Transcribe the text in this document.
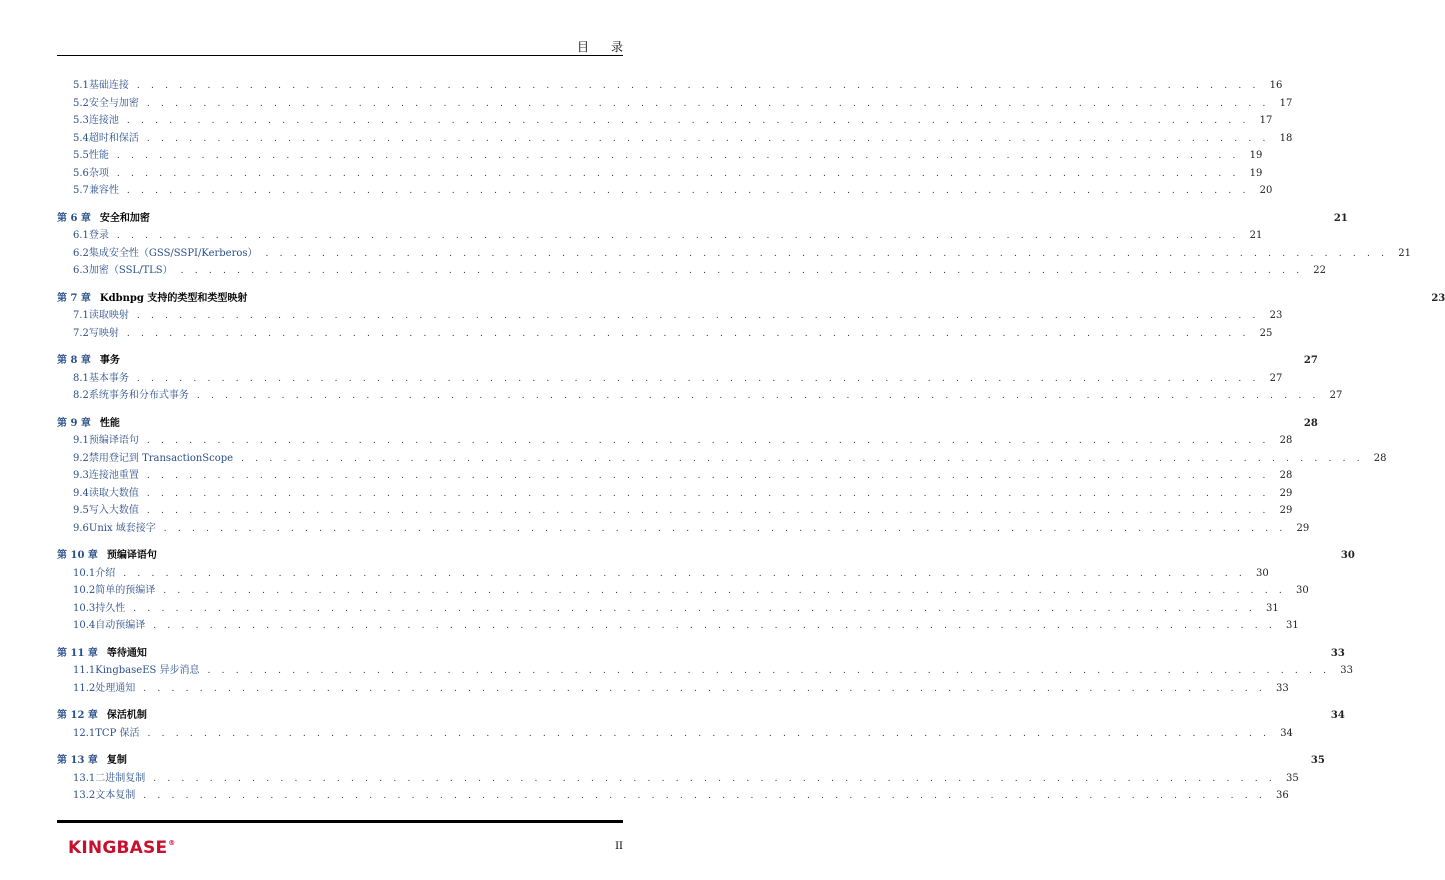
目录
5.1 基础连接 . . . . . . . . . . . . . . . . . . . . . . . . . . . . . . . . . . . . . . . . . . . . . . . . . . . . . . . . . . . . . . . . . . . . . . . . . . . . . . . . 16
5.2 安全与加密 . . . . . . . . . . . . . . . . . . . . . . . . . . . . . . . . . . . . . . . . . . . . . . . . . . . . . . . . . . . . . . . . . . . . . . . . . . . . . . . . 17
5.3 连接池 . . . . . . . . . . . . . . . . . . . . . . . . . . . . . . . . . . . . . . . . . . . . . . . . . . . . . . . . . . . . . . . . . . . . . . . . . . . . . . . . 17
5.4 超时和保活 . . . . . . . . . . . . . . . . . . . . . . . . . . . . . . . . . . . . . . . . . . . . . . . . . . . . . . . . . . . . . . . . . . . . . . . . . . . . . . . . 18
5.5 性能 . . . . . . . . . . . . . . . . . . . . . . . . . . . . . . . . . . . . . . . . . . . . . . . . . . . . . . . . . . . . . . . . . . . . . . . . . . . . . . . . 19
5.6 杂项 . . . . . . . . . . . . . . . . . . . . . . . . . . . . . . . . . . . . . . . . . . . . . . . . . . . . . . . . . . . . . . . . . . . . . . . . . . . . . . . . 19
5.7 兼容性 . . . . . . . . . . . . . . . . . . . . . . . . . . . . . . . . . . . . . . . . . . . . . . . . . . . . . . . . . . . . . . . . . . . . . . . . . . . . . . . . 20
第 6 章 安全和加密	21
6.1 登录 . . . . . . . . . . . . . . . . . . . . . . . . . . . . . . . . . . . . . . . . . . . . . . . . . . . . . . . . . . . . . . . . . . . . . . . . . . . . . . . . 21
6.2 集成安全性（GSS/SSPI/Kerberos） . . . . . . . . . . . . . . . . . . . . . . . . . . . . . . . . . . . . . . . . . . . . . . . . . . . . . . . . . . . . . . . . . . . . . . . . . . . . . . . . 21
6.3 加密（SSL/TLS） . . . . . . . . . . . . . . . . . . . . . . . . . . . . . . . . . . . . . . . . . . . . . . . . . . . . . . . . . . . . . . . . . . . . . . . . . . . . . . . . 22
第 7 章 Kdbnpg 支持的类型和类型映射	23
7.1 读取映射 . . . . . . . . . . . . . . . . . . . . . . . . . . . . . . . . . . . . . . . . . . . . . . . . . . . . . . . . . . . . . . . . . . . . . . . . . . . . . . . . 23
7.2 写映射 . . . . . . . . . . . . . . . . . . . . . . . . . . . . . . . . . . . . . . . . . . . . . . . . . . . . . . . . . . . . . . . . . . . . . . . . . . . . . . . . 25
第 8 章 事务	27
8.1 基本事务 . . . . . . . . . . . . . . . . . . . . . . . . . . . . . . . . . . . . . . . . . . . . . . . . . . . . . . . . . . . . . . . . . . . . . . . . . . . . . . . . 27
8.2 系统事务和分布式事务 . . . . . . . . . . . . . . . . . . . . . . . . . . . . . . . . . . . . . . . . . . . . . . . . . . . . . . . . . . . . . . . . . . . . . . . . . . . . . . . . 27
第 9 章 性能	28
9.1 预编译语句 . . . . . . . . . . . . . . . . . . . . . . . . . . . . . . . . . . . . . . . . . . . . . . . . . . . . . . . . . . . . . . . . . . . . . . . . . . . . . . . . 28
9.2 禁用登记到 TransactionScope . . . . . . . . . . . . . . . . . . . . . . . . . . . . . . . . . . . . . . . . . . . . . . . . . . . . . . . . . . . . . . . . . . . . . . . . . . . . . . . . 28
9.3 连接池重置 . . . . . . . . . . . . . . . . . . . . . . . . . . . . . . . . . . . . . . . . . . . . . . . . . . . . . . . . . . . . . . . . . . . . . . . . . . . . . . . . 28
9.4 读取大数值 . . . . . . . . . . . . . . . . . . . . . . . . . . . . . . . . . . . . . . . . . . . . . . . . . . . . . . . . . . . . . . . . . . . . . . . . . . . . . . . . 29
9.5 写入大数值 . . . . . . . . . . . . . . . . . . . . . . . . . . . . . . . . . . . . . . . . . . . . . . . . . . . . . . . . . . . . . . . . . . . . . . . . . . . . . . . . 29
9.6 Unix 域套接字 . . . . . . . . . . . . . . . . . . . . . . . . . . . . . . . . . . . . . . . . . . . . . . . . . . . . . . . . . . . . . . . . . . . . . . . . . . . . . . . . 29
第 10 章 预编译语句	30
10.1 介绍 . . . . . . . . . . . . . . . . . . . . . . . . . . . . . . . . . . . . . . . . . . . . . . . . . . . . . . . . . . . . . . . . . . . . . . . . . . . . . . . . 30
10.2 简单的预编译 . . . . . . . . . . . . . . . . . . . . . . . . . . . . . . . . . . . . . . . . . . . . . . . . . . . . . . . . . . . . . . . . . . . . . . . . . . . . . . . . 30
10.3 持久性 . . . . . . . . . . . . . . . . . . . . . . . . . . . . . . . . . . . . . . . . . . . . . . . . . . . . . . . . . . . . . . . . . . . . . . . . . . . . . . . . 31
10.4 自动预编译 . . . . . . . . . . . . . . . . . . . . . . . . . . . . . . . . . . . . . . . . . . . . . . . . . . . . . . . . . . . . . . . . . . . . . . . . . . . . . . . . 31
第 11 章 等待通知	33
11.1 KingbaseES 异步消息 . . . . . . . . . . . . . . . . . . . . . . . . . . . . . . . . . . . . . . . . . . . . . . . . . . . . . . . . . . . . . . . . . . . . . . . . . . . . . . . . 33
11.2 处理通知 . . . . . . . . . . . . . . . . . . . . . . . . . . . . . . . . . . . . . . . . . . . . . . . . . . . . . . . . . . . . . . . . . . . . . . . . . . . . . . . . 33
第 12 章 保活机制	34
12.1 TCP 保活 . . . . . . . . . . . . . . . . . . . . . . . . . . . . . . . . . . . . . . . . . . . . . . . . . . . . . . . . . . . . . . . . . . . . . . . . . . . . . . . . 34
第 13 章 复制	35
13.1 二进制复制 . . . . . . . . . . . . . . . . . . . . . . . . . . . . . . . . . . . . . . . . . . . . . . . . . . . . . . . . . . . . . . . . . . . . . . . . . . . . . . . . 35
13.2 文本复制 . . . . . . . . . . . . . . . . . . . . . . . . . . . . . . . . . . . . . . . . . . . . . . . . . . . . . . . . . . . . . . . . . . . . . . . . . . . . . . . . 36
KINGBASE ®	II
